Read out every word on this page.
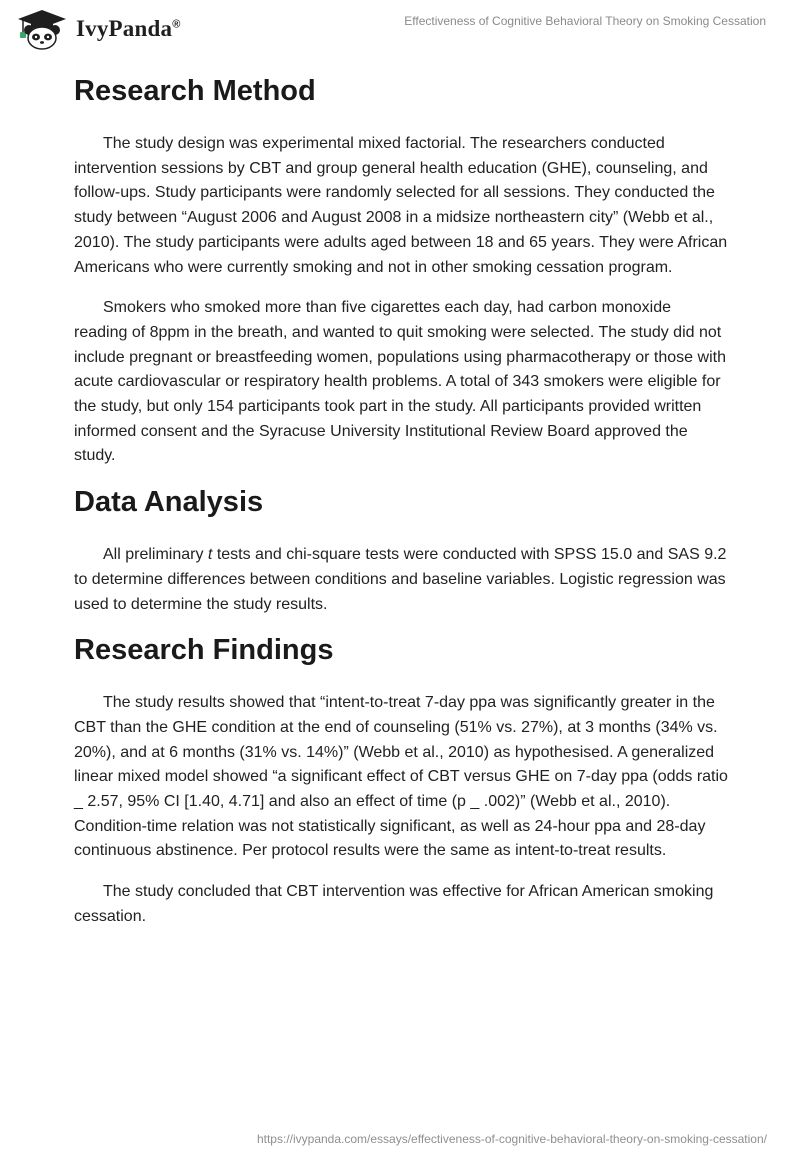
IvyPanda®	Effectiveness of Cognitive Behavioral Theory on Smoking Cessation
Research Method

The study design was experimental mixed factorial. The researchers conducted intervention sessions by CBT and group general health education (GHE), counseling, and follow-ups. Study participants were randomly selected for all sessions. They conducted the study between “August 2006 and August 2008 in a midsize northeastern city” (Webb et al., 2010). The study participants were adults aged between 18 and 65 years. They were African Americans who were currently smoking and not in other smoking cessation program.

Smokers who smoked more than five cigarettes each day, had carbon monoxide reading of 8ppm in the breath, and wanted to quit smoking were selected. The study did not include pregnant or breastfeeding women, populations using pharmacotherapy or those with acute cardiovascular or respiratory health problems. A total of 343 smokers were eligible for the study, but only 154 participants took part in the study. All participants provided written informed consent and the Syracuse University Institutional Review Board approved the study.

Data Analysis

All preliminary t tests and chi-square tests were conducted with SPSS 15.0 and SAS 9.2 to determine differences between conditions and baseline variables. Logistic regression was used to determine the study results.

Research Findings

The study results showed that “intent-to-treat 7-day ppa was significantly greater in the CBT than the GHE condition at the end of counseling (51% vs. 27%), at 3 months (34% vs. 20%), and at 6 months (31% vs. 14%)” (Webb et al., 2010) as hypothesised. A generalized linear mixed model showed “a significant effect of CBT versus GHE on 7-day ppa (odds ratio _ 2.57, 95% CI [1.40, 4.71] and also an effect of time (p _ .002)” (Webb et al., 2010). Condition-time relation was not statistically significant, as well as 24-hour ppa and 28-day continuous abstinence. Per protocol results were the same as intent-to-treat results.

The study concluded that CBT intervention was effective for African American smoking cessation.

https://ivypanda.com/essays/effectiveness-of-cognitive-behavioral-theory-on-smoking-cessation/
